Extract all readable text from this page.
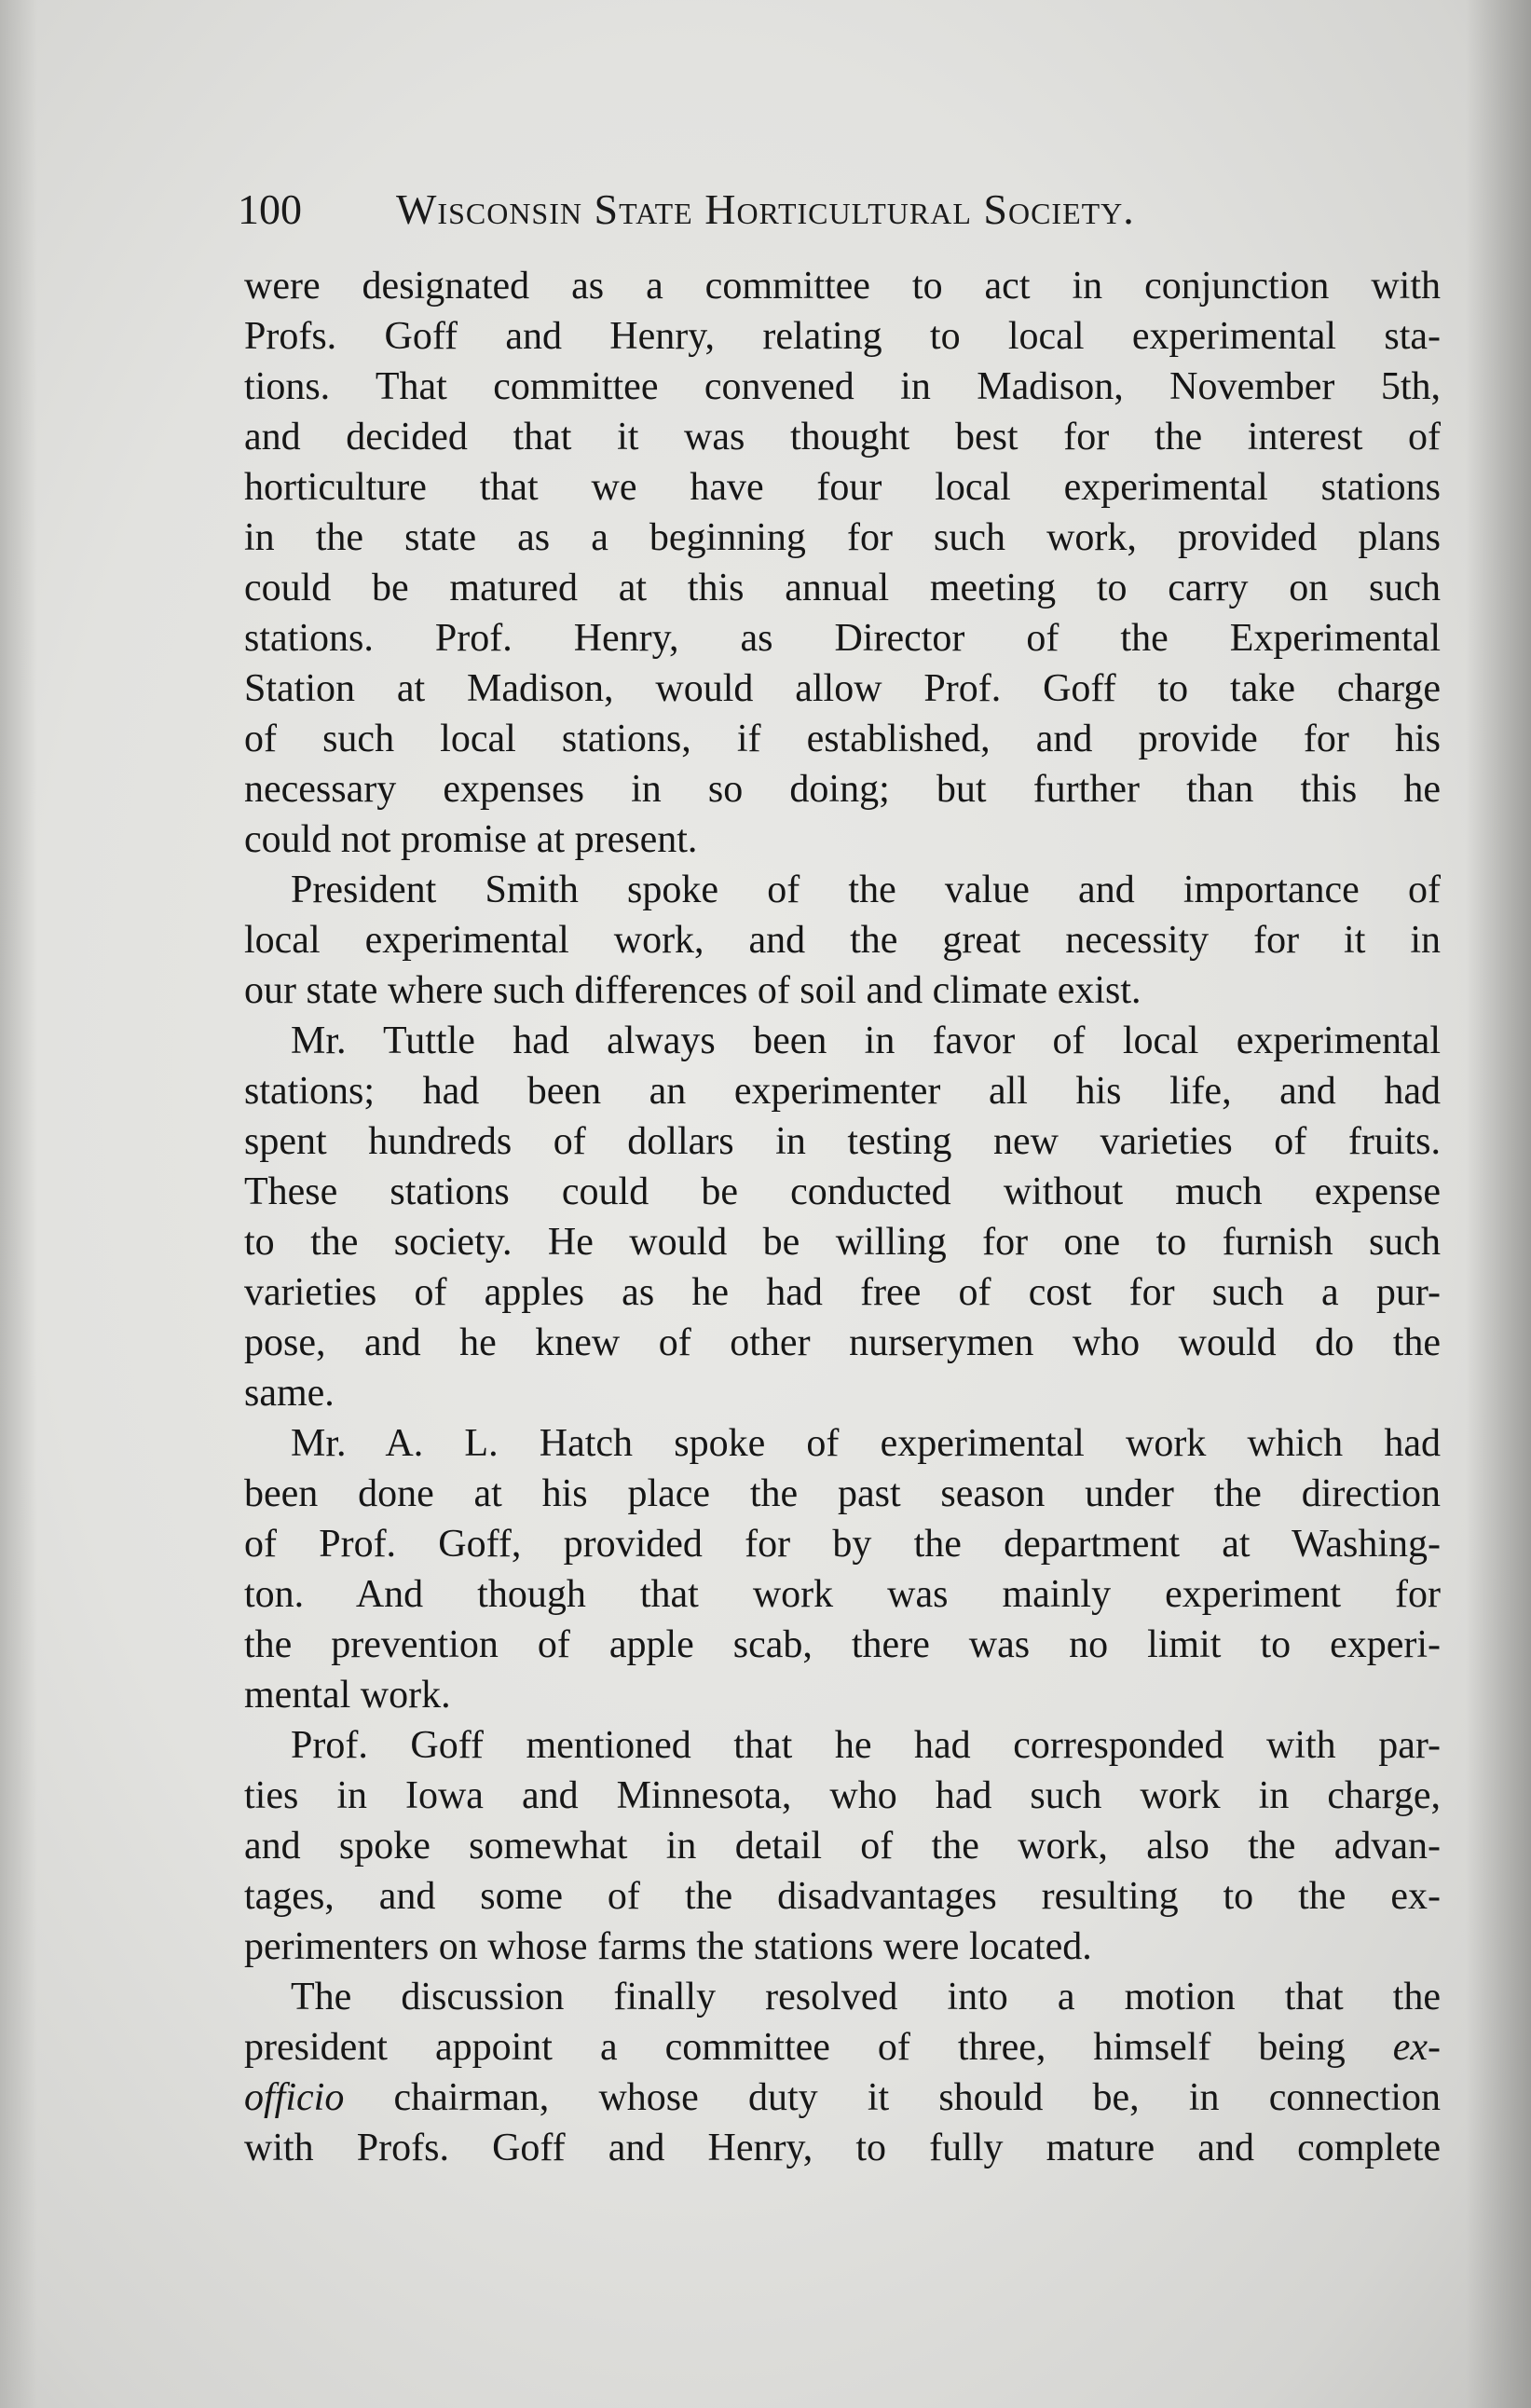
100 Wisconsin State Horticultural Society.
were designated as a committee to act in conjunction with
Profs. Goff and Henry, relating to local experimental sta-
tions. That committee convened in Madison, November 5th,
and decided that it was thought best for the interest of
horticulture that we have four local experimental stations
in the state as a beginning for such work, provided plans
could be matured at this annual meeting to carry on such
stations. Prof. Henry, as Director of the Experimental
Station at Madison, would allow Prof. Goff to take charge
of such local stations, if established, and provide for his
necessary expenses in so doing; but further than this he
could not promise at present.
President Smith spoke of the value and importance of
local experimental work, and the great necessity for it in
our state where such differences of soil and climate exist.
Mr. Tuttle had always been in favor of local experimental
stations; had been an experimenter all his life, and had
spent hundreds of dollars in testing new varieties of fruits.
These stations could be conducted without much expense
to the society. He would be willing for one to furnish such
varieties of apples as he had free of cost for such a pur-
pose, and he knew of other nurserymen who would do the
same.
Mr. A. L. Hatch spoke of experimental work which had
been done at his place the past season under the direction
of Prof. Goff, provided for by the department at Washing-
ton. And though that work was mainly experiment for
the prevention of apple scab, there was no limit to experi-
mental work.
Prof. Goff mentioned that he had corresponded with par-
ties in Iowa and Minnesota, who had such work in charge,
and spoke somewhat in detail of the work, also the advan-
tages, and some of the disadvantages resulting to the ex-
perimenters on whose farms the stations were located.
The discussion finally resolved into a motion that the
president appoint a committee of three, himself being ex-
officio chairman, whose duty it should be, in connection
with Profs. Goff and Henry, to fully mature and complete
